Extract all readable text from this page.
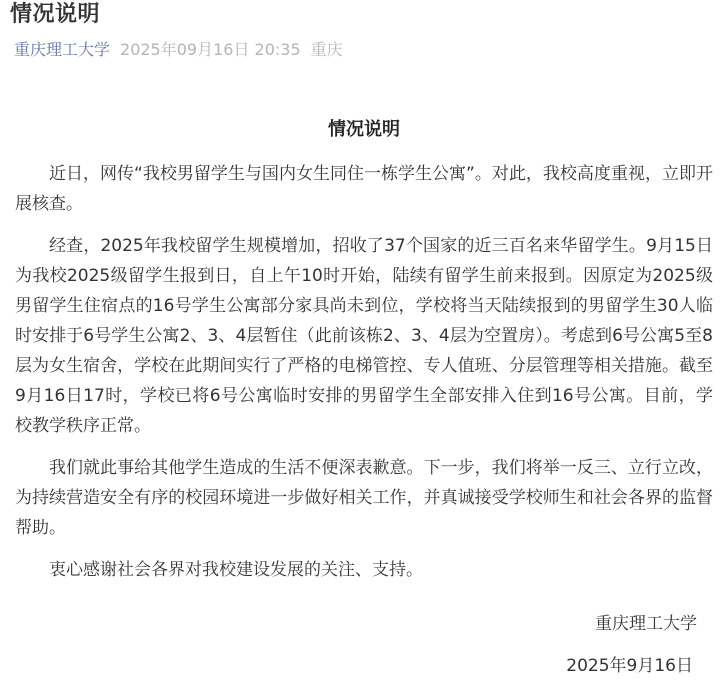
情况说明
重庆理工大学 2025年09月16日 20:35 重庆
情况说明

近日，网传“我校男留学生与国内女生同住一栋学生公寓”。对此，我校高度重视，立即开展核查。

经查，2025年我校留学生规模增加，招收了37个国家的近三百名来华留学生。9月15日为我校2025级留学生报到日，自上午10时开始，陆续有留学生前来报到。因原定为2025级男留学生住宿点的16号学生公寓部分家具尚未到位，学校将当天陆续报到的男留学生30人临时安排于6号学生公寓2、3、4层暂住（此前该栋2、3、4层为空置房）。考虑到6号公寓5至8层为女生宿舍，学校在此期间实行了严格的电梯管控、专人值班、分层管理等相关措施。截至9月16日17时，学校已将6号公寓临时安排的男留学生全部安排入住到16号公寓。目前，学校教学秩序正常。

我们就此事给其他学生造成的生活不便深表歉意。下一步，我们将举一反三、立行立改，为持续营造安全有序的校园环境进一步做好相关工作，并真诚接受学校师生和社会各界的监督帮助。

衷心感谢社会各界对我校建设发展的关注、支持。

重庆理工大学

2025年9月16日
